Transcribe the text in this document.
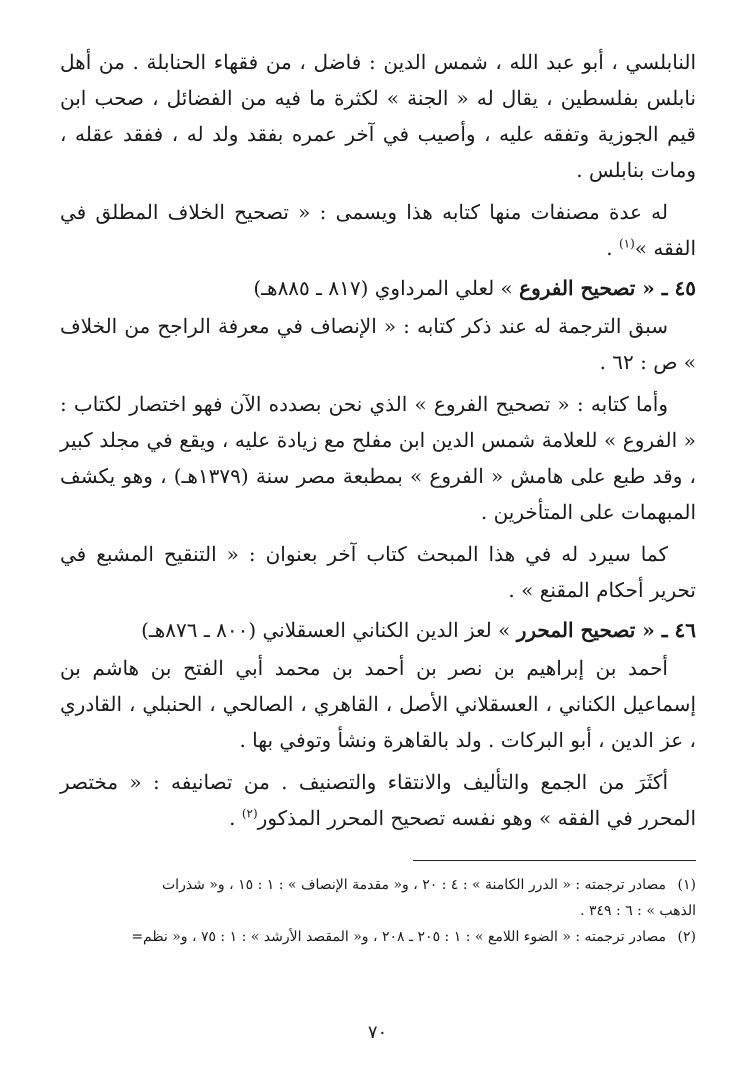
النابلسي ، أبو عبد الله ، شمس الدين : فاضل ، من فقهاء الحنابلة . من أهل نابلس بفلسطين ، يقال له « الجنة » لكثرة ما فيه من الفضائل ، صحب ابن قيم الجوزية وتفقه عليه ، وأصيب في آخر عمره بفقد ولد له ، ففقد عقله ، ومات بنابلس .

له عدة مصنفات منها كتابه هذا ويسمى : « تصحيح الخلاف المطلق في الفقه »$^{(١)}$ .

٤٥ ـ « تصحيح الفروع » لعلي المرداوي (٨١٧ ـ ٨٨٥هـ)

سبق الترجمة له عند ذكر كتابه : « الإنصاف في معرفة الراجح من الخلاف » ص : ٦٢ .

وأما كتابه : « تصحيح الفروع » الذي نحن بصدده الآن فهو اختصار لكتاب : « الفروع » للعلامة شمس الدين ابن مفلح مع زيادة عليه ، ويقع في مجلد كبير ، وقد طبع على هامش « الفروع » بمطبعة مصر سنة (١٣٧٩هـ) ، وهو يكشف المبهمات على المتأخرين .

كما سيرد له في هذا المبحث كتاب آخر بعنوان : « التنقيح المشبع في تحرير أحكام المقنع » .

٤٦ ـ « تصحيح المحرر » لعز الدين الكناني العسقلاني (٨٠٠ ـ ٨٧٦هـ)

أحمد بن إبراهيم بن نصر بن أحمد بن محمد أبي الفتح بن هاشم بن إسماعيل الكناني ، العسقلاني الأصل ، القاهري ، الصالحي ، الحنبلي ، القادري ، عز الدين ، أبو البركات . ولد بالقاهرة ونشأ وتوفي بها .

أكثَرَ من الجمع والتأليف والانتقاء والتصنيف . من تصانيفه : « مختصر المحرر في الفقه » وهو نفسه تصحيح المحرر المذكور$^{(٢)}$ .

(١)مصادر ترجمته : « الدرر الكامنة » : ٤ : ٢٠ ، و« مقدمة الإنصاف » : ١ : ١٥ ، و« شذرات

الذهب » : ٦ : ٣٤٩ .

(٢)مصادر ترجمته : « الضوء اللامع » : ١ : ٢٠٥ ـ ٢٠٨ ، و« المقصد الأرشد » : ١ : ٧٥ ، و« نظم=

٧٠
